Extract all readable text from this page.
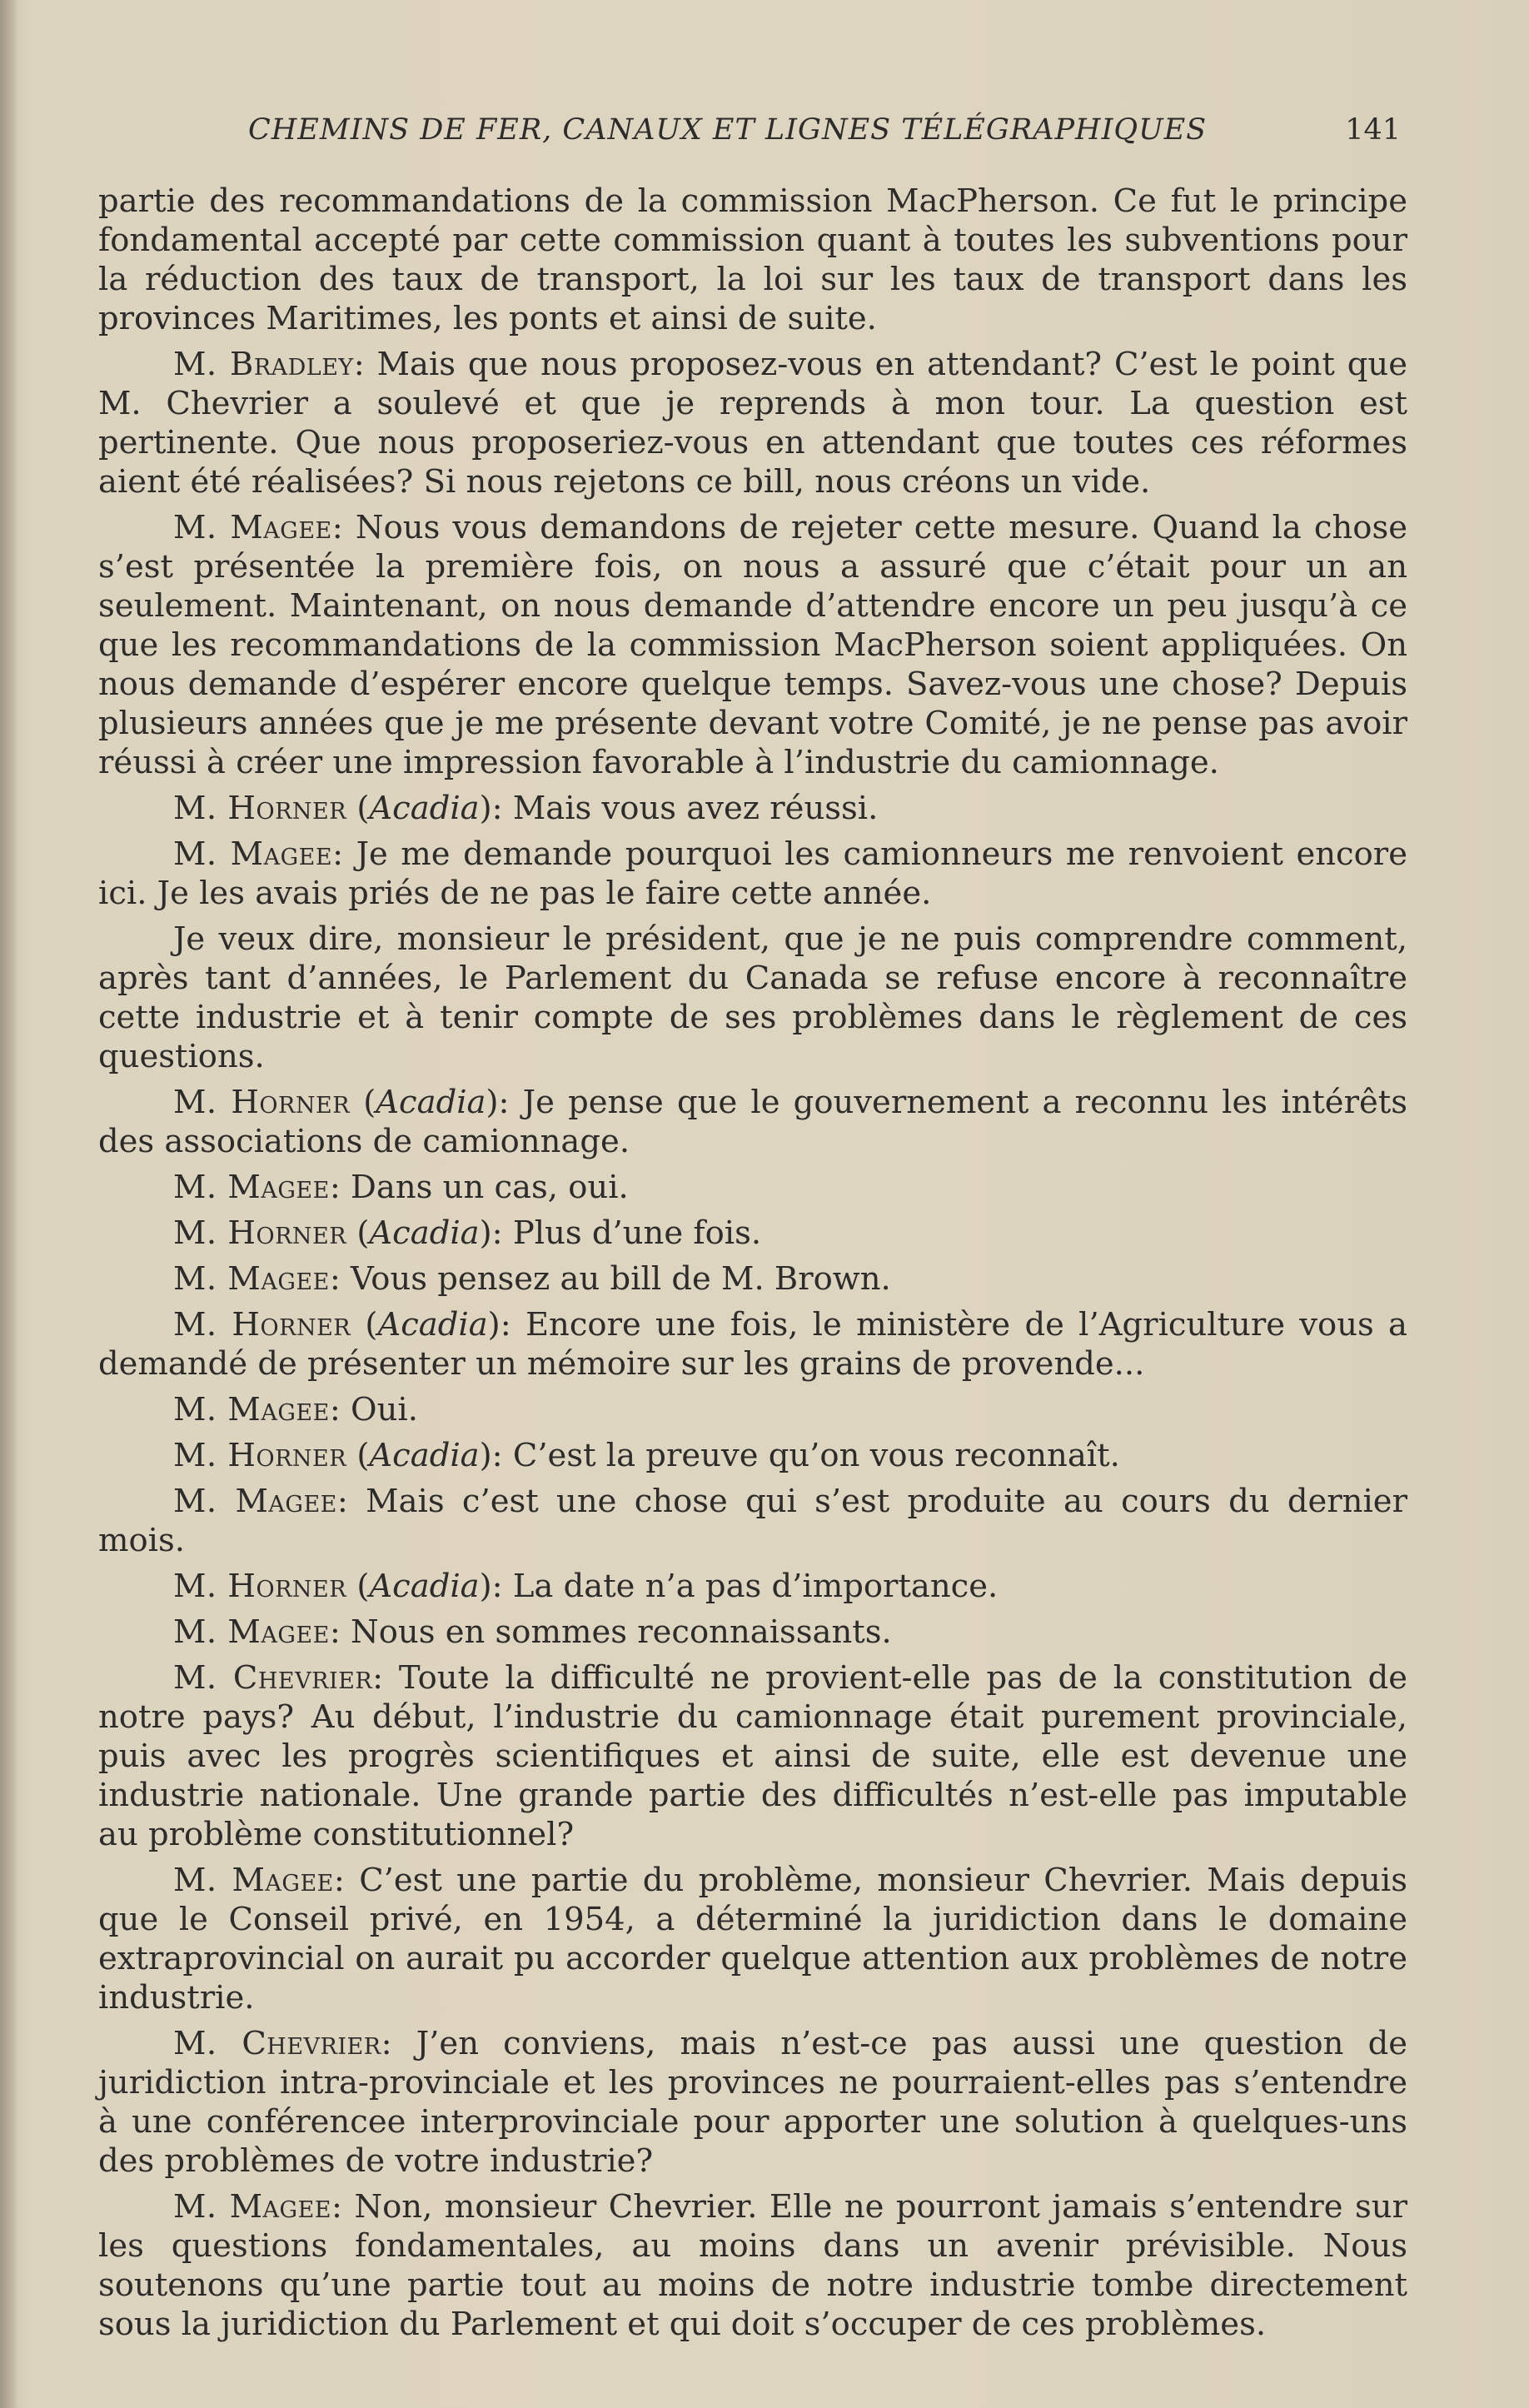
CHEMINS DE FER, CANAUX ET LIGNES TÉLÉGRAPHIQUES	141

partie des recommandations de la commission MacPherson. Ce fut le principe fondamental accepté par cette commission quant à toutes les subventions pour la réduction des taux de transport, la loi sur les taux de transport dans les provinces Maritimes, les ponts et ainsi de suite.

M. Bradley: Mais que nous proposez-vous en attendant? C’est le point que M. Chevrier a soulevé et que je reprends à mon tour. La question est pertinente. Que nous proposeriez-vous en attendant que toutes ces réformes aient été réalisées? Si nous rejetons ce bill, nous créons un vide.

M. Magee: Nous vous demandons de rejeter cette mesure. Quand la chose s’est présentée la première fois, on nous a assuré que c’était pour un an seulement. Maintenant, on nous demande d’attendre encore un peu jusqu’à ce que les recommandations de la commission MacPherson soient appliquées. On nous demande d’espérer encore quelque temps. Savez-vous une chose? Depuis plusieurs années que je me présente devant votre Comité, je ne pense pas avoir réussi à créer une impression favorable à l’industrie du camionnage.

M. Horner (Acadia): Mais vous avez réussi.

M. Magee: Je me demande pourquoi les camionneurs me renvoient encore ici. Je les avais priés de ne pas le faire cette année.

Je veux dire, monsieur le président, que je ne puis comprendre comment, après tant d’années, le Parlement du Canada se refuse encore à reconnaître cette industrie et à tenir compte de ses problèmes dans le règlement de ces questions.

M. Horner (Acadia): Je pense que le gouvernement a reconnu les intérêts des associations de camionnage.

M. Magee: Dans un cas, oui.

M. Horner (Acadia): Plus d’une fois.

M. Magee: Vous pensez au bill de M. Brown.

M. Horner (Acadia): Encore une fois, le ministère de l’Agriculture vous a demandé de présenter un mémoire sur les grains de provende...

M. Magee: Oui.

M. Horner (Acadia): C’est la preuve qu’on vous reconnaît.

M. Magee: Mais c’est une chose qui s’est produite au cours du dernier mois.

M. Horner (Acadia): La date n’a pas d’importance.

M. Magee: Nous en sommes reconnaissants.

M. Chevrier: Toute la difficulté ne provient-elle pas de la constitution de notre pays? Au début, l’industrie du camionnage était purement provinciale, puis avec les progrès scientifiques et ainsi de suite, elle est devenue une industrie nationale. Une grande partie des difficultés n’est-elle pas imputable au problème constitutionnel?

M. Magee: C’est une partie du problème, monsieur Chevrier. Mais depuis que le Conseil privé, en 1954, a déterminé la juridiction dans le domaine extraprovincial on aurait pu accorder quelque attention aux problèmes de notre industrie.

M. Chevrier: J’en conviens, mais n’est-ce pas aussi une question de juridiction intra-provinciale et les provinces ne pourraient-elles pas s’entendre à une conférencee interprovinciale pour apporter une solution à quelques-uns des problèmes de votre industrie?

M. Magee: Non, monsieur Chevrier. Elle ne pourront jamais s’entendre sur les questions fondamentales, au moins dans un avenir prévisible. Nous soutenons qu’une partie tout au moins de notre industrie tombe directement sous la juridiction du Parlement et qui doit s’occuper de ces problèmes.
